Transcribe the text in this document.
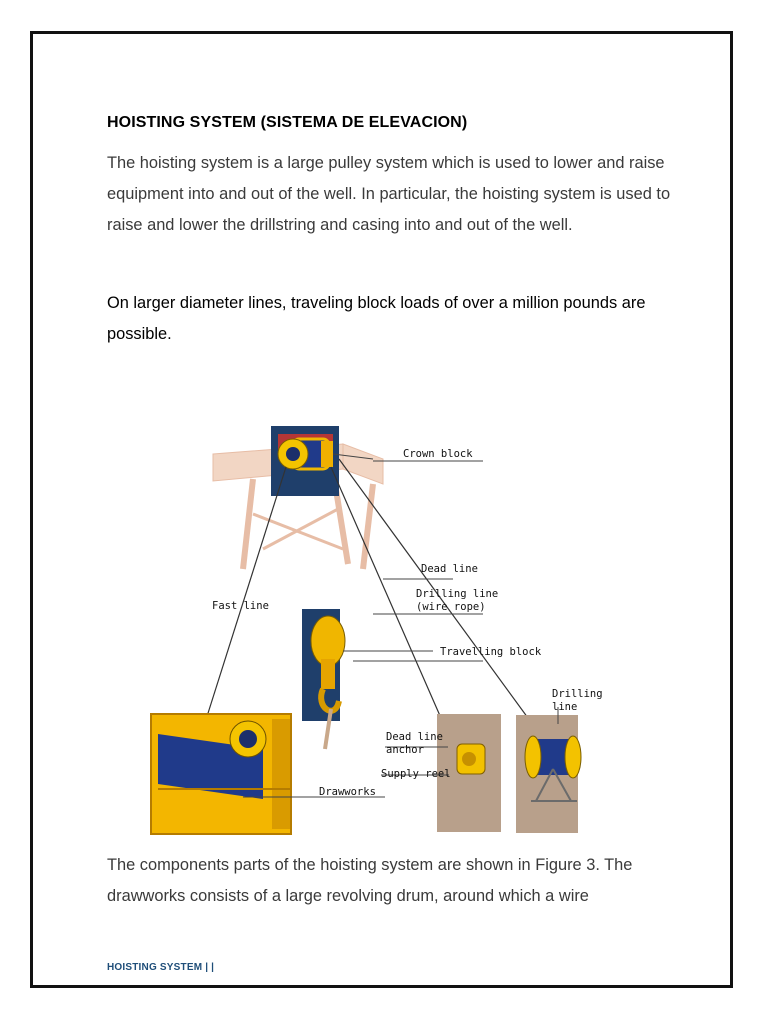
HOISTING SYSTEM (SISTEMA DE ELEVACION)

The hoisting system is a large pulley system which is used to lower and raise equipment into and out of the well. In particular, the hoisting system is used to raise and lower the drillstring and casing into and out of the well.

On larger diameter lines, traveling block loads of over a million pounds are possible.

Crown block
Dead line
Drilling line
(wire rope)
Fast line
Travelling block
Drilling
line
Dead line
anchor
Supply reel
Drawworks

The components parts of the hoisting system are shown in Figure 3. The drawworks consists of a large revolving drum, around which a wire

HOISTING SYSTEM | |
